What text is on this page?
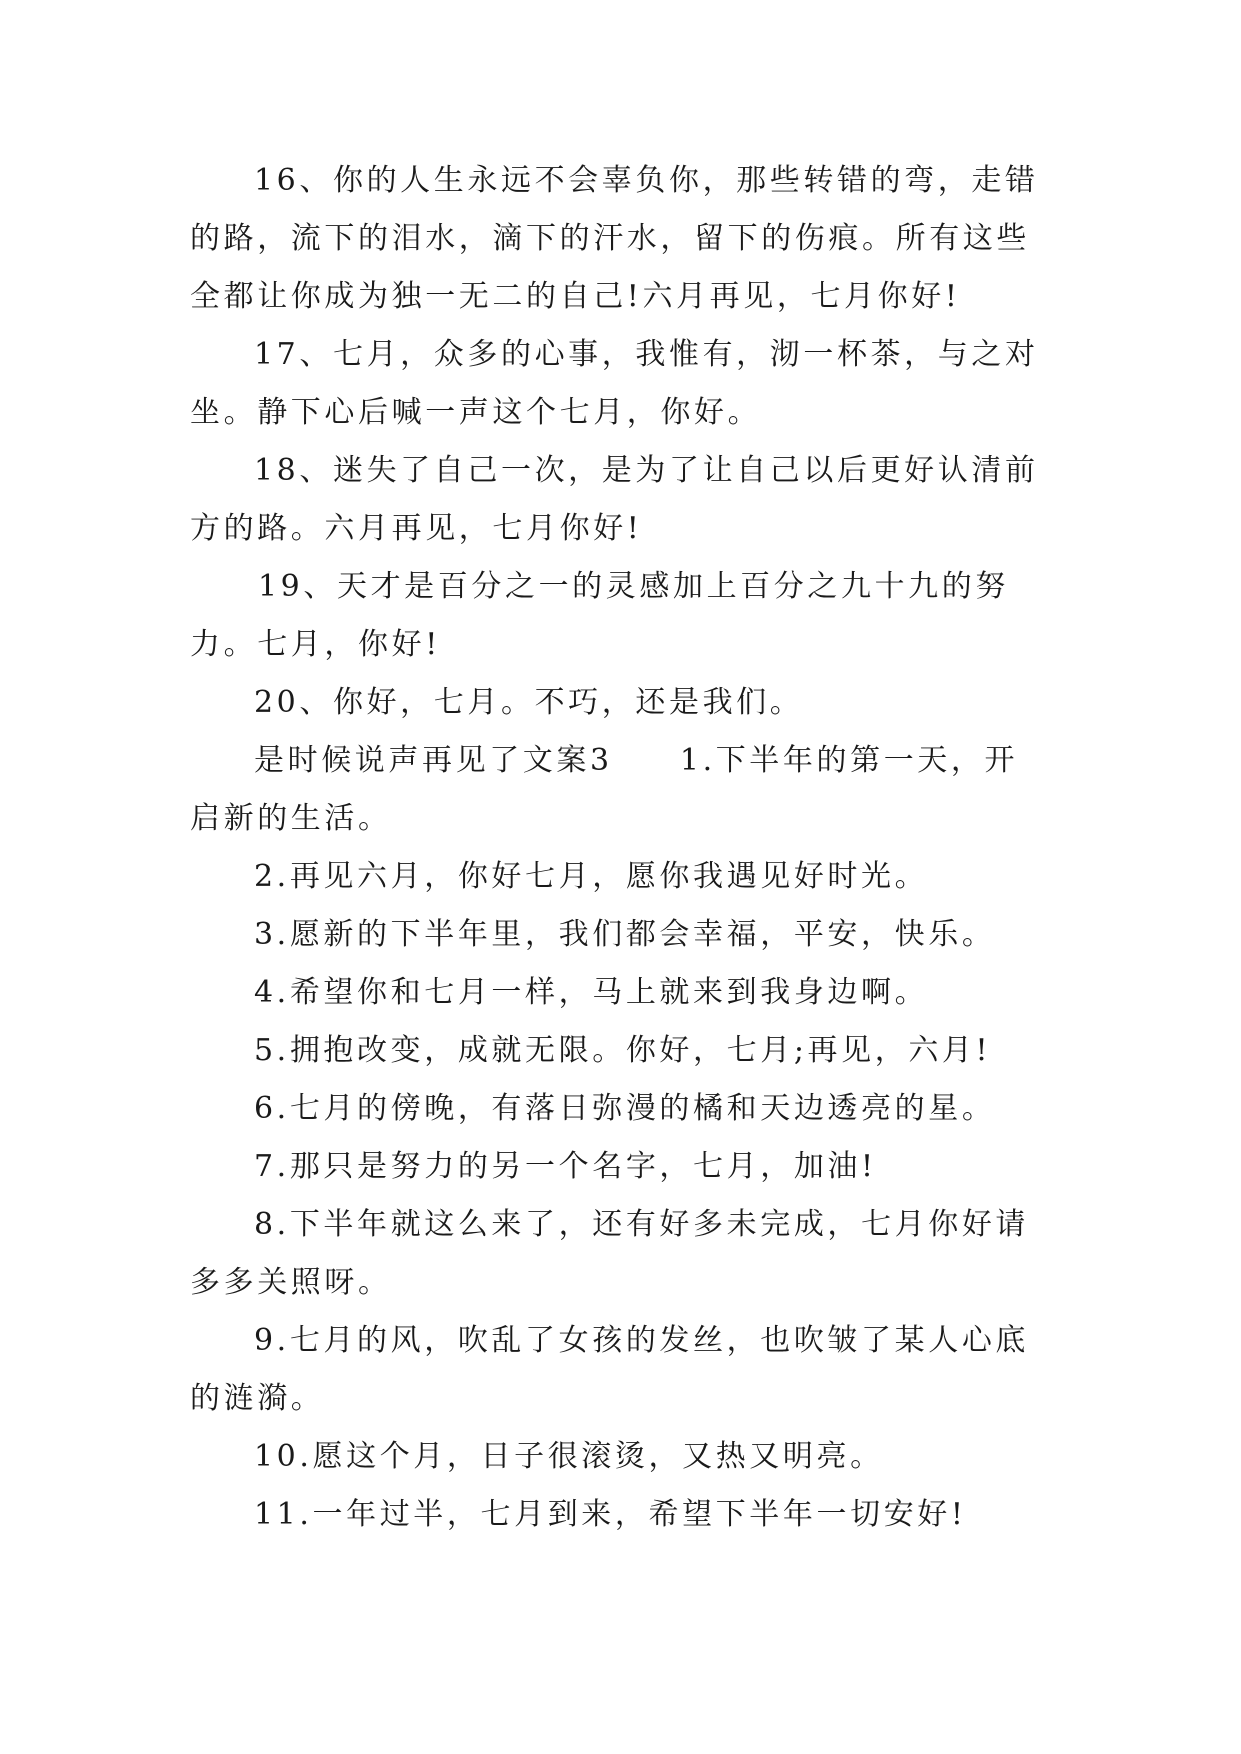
16、你的人生永远不会辜负你，那些转错的弯，走错的路，流下的泪水，滴下的汗水，留下的伤痕。所有这些全都让你成为独一无二的自己!六月再见，七月你好!

17、七月，众多的心事，我惟有，沏一杯茶，与之对坐。静下心后喊一声这个七月，你好。

18、迷失了自己一次，是为了让自己以后更好认清前方的路。六月再见，七月你好!

19、天才是百分之一的灵感加上百分之九十九的努力。七月，你好!

20、你好，七月。不巧，还是我们。

是时候说声再见了文案3　　1.下半年的第一天，开启新的生活。

2.再见六月，你好七月，愿你我遇见好时光。

3.愿新的下半年里，我们都会幸福，平安，快乐。

4.希望你和七月一样，马上就来到我身边啊。

5.拥抱改变，成就无限。你好，七月;再见，六月!

6.七月的傍晚，有落日弥漫的橘和天边透亮的星。

7.那只是努力的另一个名字，七月，加油!

8.下半年就这么来了，还有好多未完成，七月你好请多多关照呀。

9.七月的风，吹乱了女孩的发丝，也吹皱了某人心底的涟漪。

10.愿这个月，日子很滚烫，又热又明亮。

11.一年过半，七月到来，希望下半年一切安好!
